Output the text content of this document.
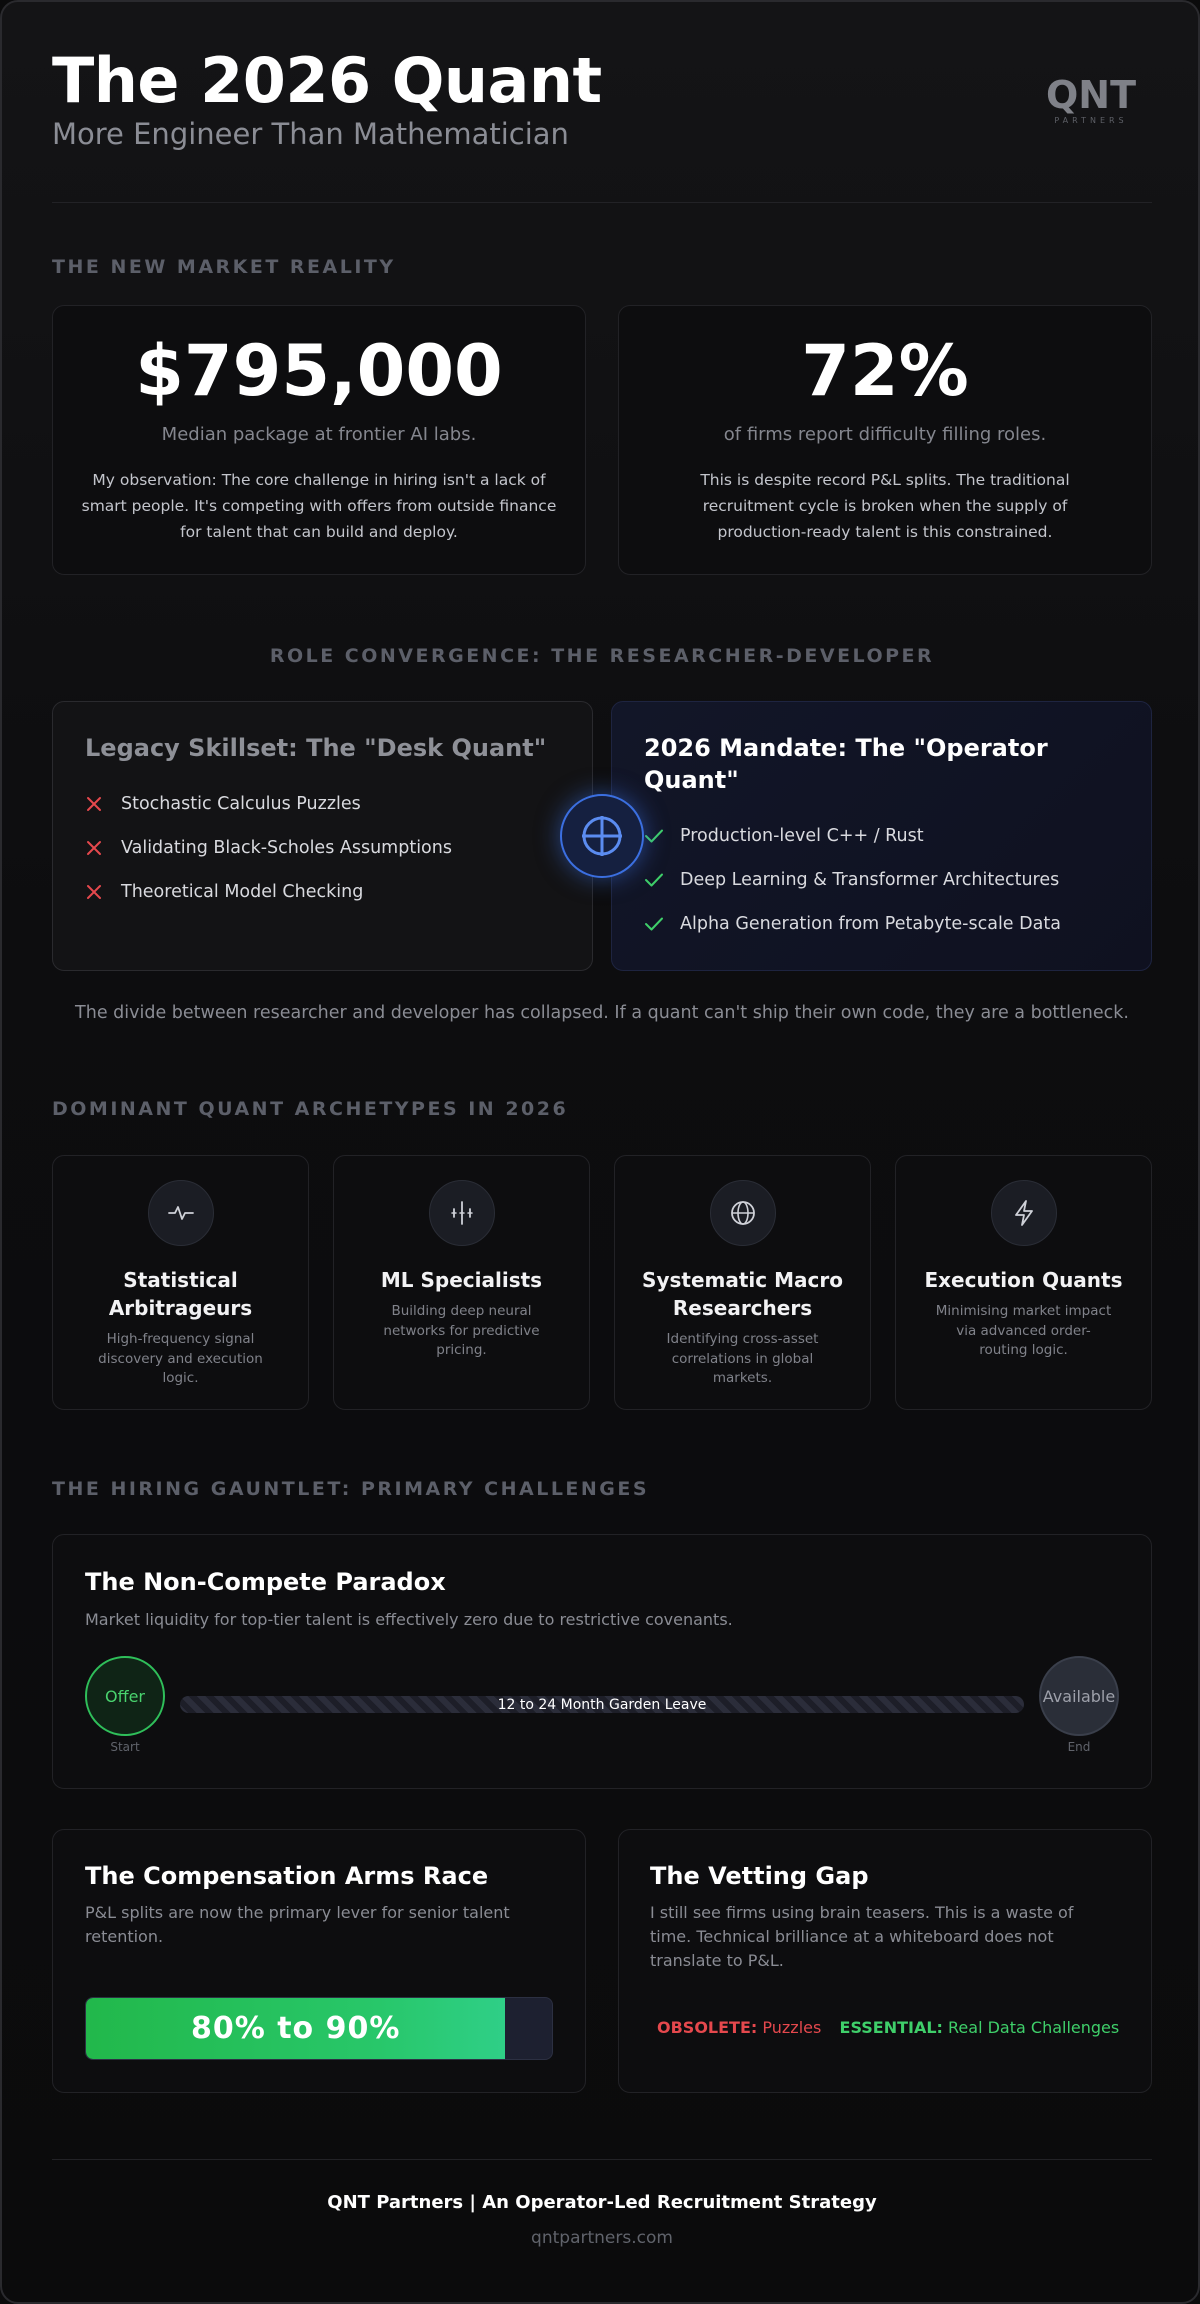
The 2026 Quant
More Engineer Than Mathematician
QNT
PARTNERS
THE NEW MARKET REALITY
$795,000
Median package at frontier AI labs.
My observation: The core challenge in hiring isn't a lack of smart people. It's competing with offers from outside finance for talent that can build and deploy.
72%
of firms report difficulty filling roles.
This is despite record P&L splits. The traditional recruitment cycle is broken when the supply of production-ready talent is this constrained.
ROLE CONVERGENCE: THE RESEARCHER-DEVELOPER
Legacy Skillset: The "Desk Quant"
Stochastic Calculus Puzzles
Validating Black-Scholes Assumptions
Theoretical Model Checking
2026 Mandate: The "Operator Quant"
Production-level C++ / Rust
Deep Learning & Transformer Architectures
Alpha Generation from Petabyte-scale Data
The divide between researcher and developer has collapsed. If a quant can't ship their own code, they are a bottleneck.
DOMINANT QUANT ARCHETYPES IN 2026
Statistical Arbitrageurs

High-frequency signal discovery and execution logic.

ML Specialists

Building deep neural networks for predictive pricing.

Systematic Macro Researchers

Identifying cross-asset correlations in global markets.

Execution Quants

Minimising market impact via advanced order-routing logic.

THE HIRING GAUNTLET: PRIMARY CHALLENGES
The Non-Compete Paradox
Market liquidity for top-tier talent is effectively zero due to restrictive covenants.
Offer
Start
12 to 24 Month Garden Leave	Available
End
The Compensation Arms Race
P&L splits are now the primary lever for senior talent retention.
80% to 90%
The Vetting Gap
I still see firms using brain teasers. This is a waste of time. Technical brilliance at a whiteboard does not translate to P&L.
OBSOLETE: Puzzles ESSENTIAL: Real Data Challenges
QNT Partners | An Operator-Led Recruitment Strategy
qntpartners.com
